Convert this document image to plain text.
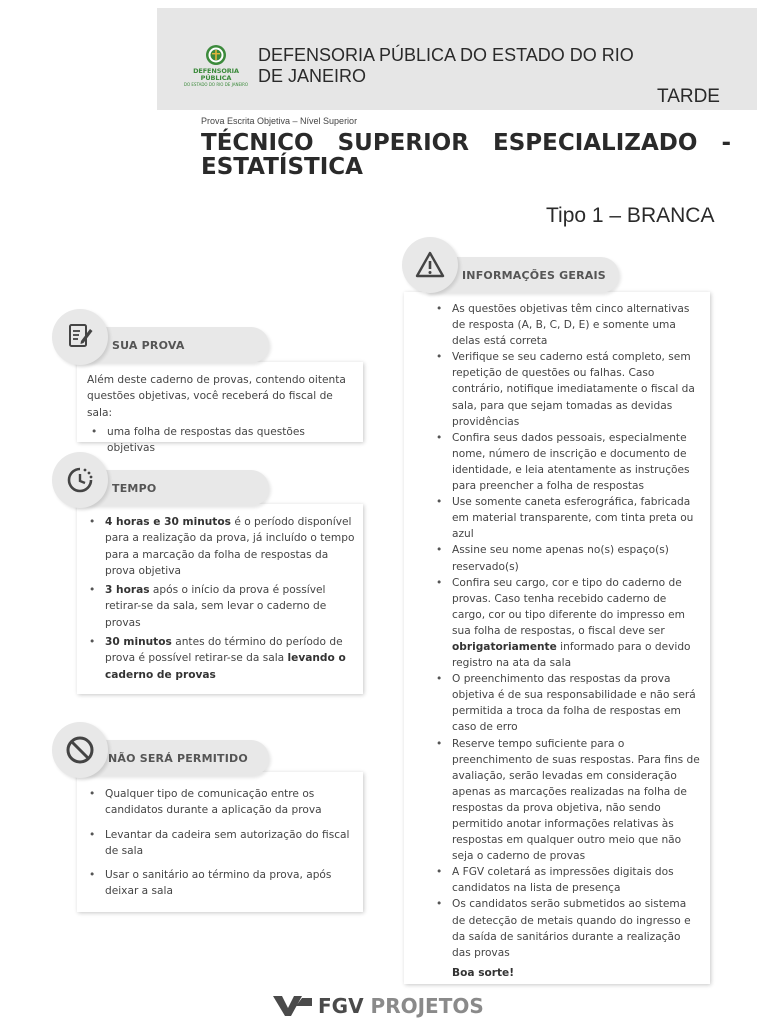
DEFENSORIA PÚBLICA
DO ESTADO DO RIO DE JANEIRO
DEFENSORIA PÚBLICA DO ESTADO DO RIO DE JANEIRO
TARDE
Prova Escrita Objetiva – Nível Superior
TÉCNICO SUPERIOR ESPECIALIZADO - ESTATÍSTICA
Tipo 1 – BRANCA

Além deste caderno de provas, contendo oitenta questões objetivas, você receberá do fiscal de sala:

• uma folha de respostas das questões objetivas
SUA PROVA
• 4 horas e 30 minutos é o período disponível para a realização da prova, já incluído o tempo para a marcação da folha de respostas da prova objetiva
• 3 horas após o início da prova é possível retirar-se da sala, sem levar o caderno de provas
• 30 minutos antes do término do período de prova é possível retirar-se da sala levando o caderno de provas
TEMPO
• Qualquer tipo de comunicação entre os candidatos durante a aplicação da prova
• Levantar da cadeira sem autorização do fiscal de sala
• Usar o sanitário ao término da prova, após deixar a sala
NÃO SERÁ PERMITIDO
• As questões objetivas têm cinco alternativas de resposta (A, B, C, D, E) e somente uma delas está correta
• Verifique se seu caderno está completo, sem repetição de questões ou falhas. Caso contrário, notifique imediatamente o fiscal da sala, para que sejam tomadas as devidas providências
• Confira seus dados pessoais, especialmente nome, número de inscrição e documento de identidade, e leia atentamente as instruções para preencher a folha de respostas
• Use somente caneta esferográfica, fabricada em material transparente, com tinta preta ou azul
• Assine seu nome apenas no(s) espaço(s) reservado(s)
• Confira seu cargo, cor e tipo do caderno de provas. Caso tenha recebido caderno de cargo, cor ou tipo diferente do impresso em sua folha de respostas, o fiscal deve ser obrigatoriamente informado para o devido registro na ata da sala
• O preenchimento das respostas da prova objetiva é de sua responsabilidade e não será permitida a troca da folha de respostas em caso de erro
• Reserve tempo suficiente para o preenchimento de suas respostas. Para fins de avaliação, serão levadas em consideração apenas as marcações realizadas na folha de respostas da prova objetiva, não sendo permitido anotar informações relativas às respostas em qualquer outro meio que não seja o caderno de provas
• A FGV coletará as impressões digitais dos candidatos na lista de presença
• Os candidatos serão submetidos ao sistema de detecção de metais quando do ingresso e da saída de sanitários durante a realização das provas
Boa sorte!
INFORMAÇÕES GERAIS
FGV PROJETOS
